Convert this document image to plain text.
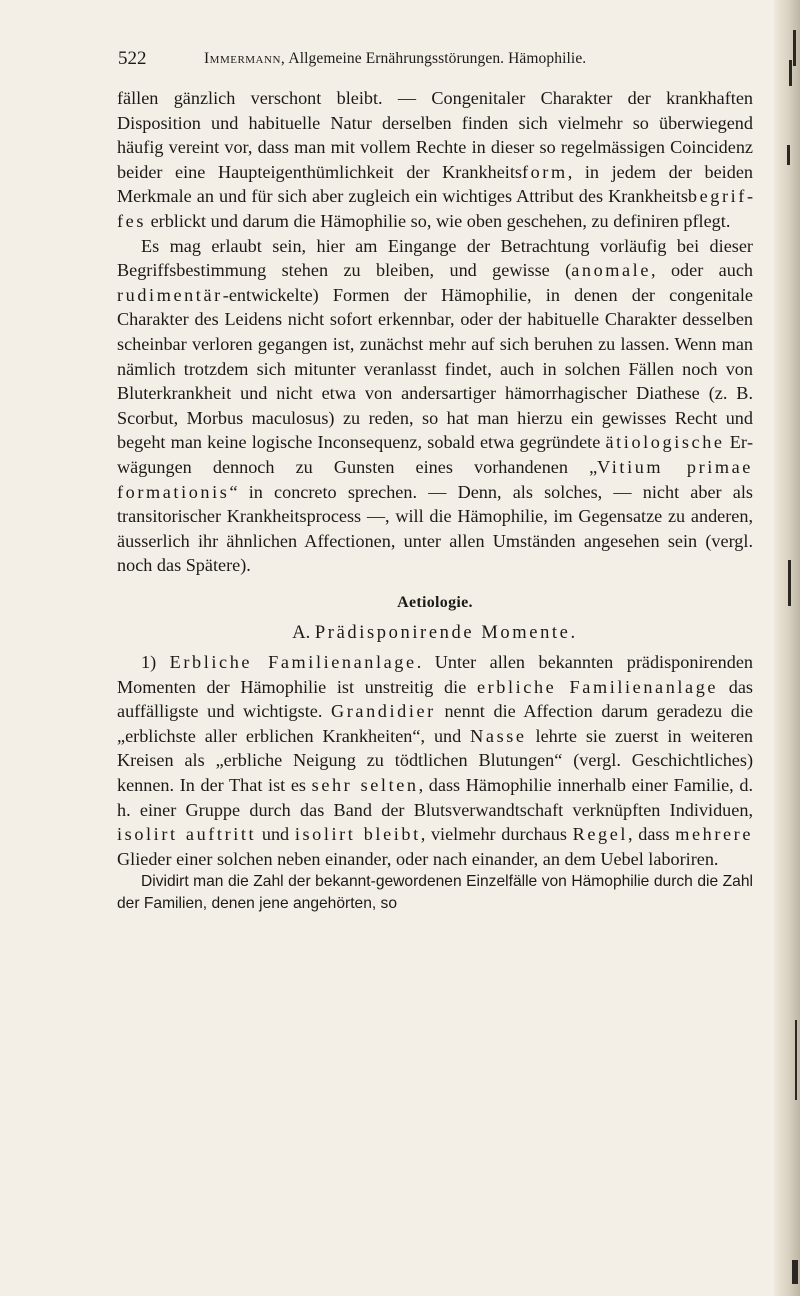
522	Immermann, Allgemeine Ernährungsstörungen. Hämophilie.

fällen gänzlich verschont bleibt. — Congenitaler Charakter der krankhaften Disposition und habituelle Natur derselben finden sich vielmehr so überwiegend häufig vereint vor, dass man mit vollem Rechte in dieser so regelmässigen Coincidenz beider eine Haupteigenthümlichkeit der Krankheitsform, in jedem der beiden Merkmale an und für sich aber zugleich ein wichtiges Attribut des Krankheitsbegriffes erblickt und darum die Hämophilie so, wie oben geschehen, zu definiren pflegt.

Es mag erlaubt sein, hier am Eingange der Betrachtung vorläufig bei dieser Begriffsbestimmung stehen zu bleiben, und gewisse (anomale, oder auch rudimentär-entwickelte) Formen der Hämophilie, in denen der congenitale Charakter des Leidens nicht sofort erkennbar, oder der habituelle Charakter desselben scheinbar verloren gegangen ist, zunächst mehr auf sich beruhen zu lassen. Wenn man nämlich trotzdem sich mitunter veranlasst findet, auch in solchen Fällen noch von Bluterkrankheit und nicht etwa von andersartiger hämorrhagischer Diathese (z. B. Scorbut, Morbus maculosus) zu reden, so hat man hierzu ein gewisses Recht und begeht man keine logische Inconsequenz, sobald etwa gegründete ätiologische Erwägungen dennoch zu Gunsten eines vorhandenen „Vitium primae formationis“ in concreto sprechen. — Denn, als solches, — nicht aber als transitorischer Krankheitsprocess —, will die Hämophilie, im Gegensatze zu anderen, äusserlich ihr ähnlichen Affectionen, unter allen Umständen angesehen sein (vergl. noch das Spätere).

Aetiologie.
A. Prädisponirende Momente.

1) Erbliche Familienanlage. Unter allen bekannten prädisponirenden Momenten der Hämophilie ist unstreitig die erbliche Familienanlage das auffälligste und wichtigste. Grandidier nennt die Affection darum geradezu die „erblichste aller erblichen Krankheiten“, und Nasse lehrte sie zuerst in weiteren Kreisen als „erbliche Neigung zu tödtlichen Blutungen“ (vergl. Geschichtliches) kennen. In der That ist es sehr selten, dass Hämophilie innerhalb einer Familie, d. h. einer Gruppe durch das Band der Blutsverwandtschaft verknüpften Individuen, isolirt auftritt und isolirt bleibt, vielmehr durchaus Regel, dass mehrere Glieder einer solchen neben einander, oder nach einander, an dem Uebel laboriren.

Dividirt man die Zahl der bekannt-gewordenen Einzelfälle von Hämophilie durch die Zahl der Familien, denen jene angehörten, so
